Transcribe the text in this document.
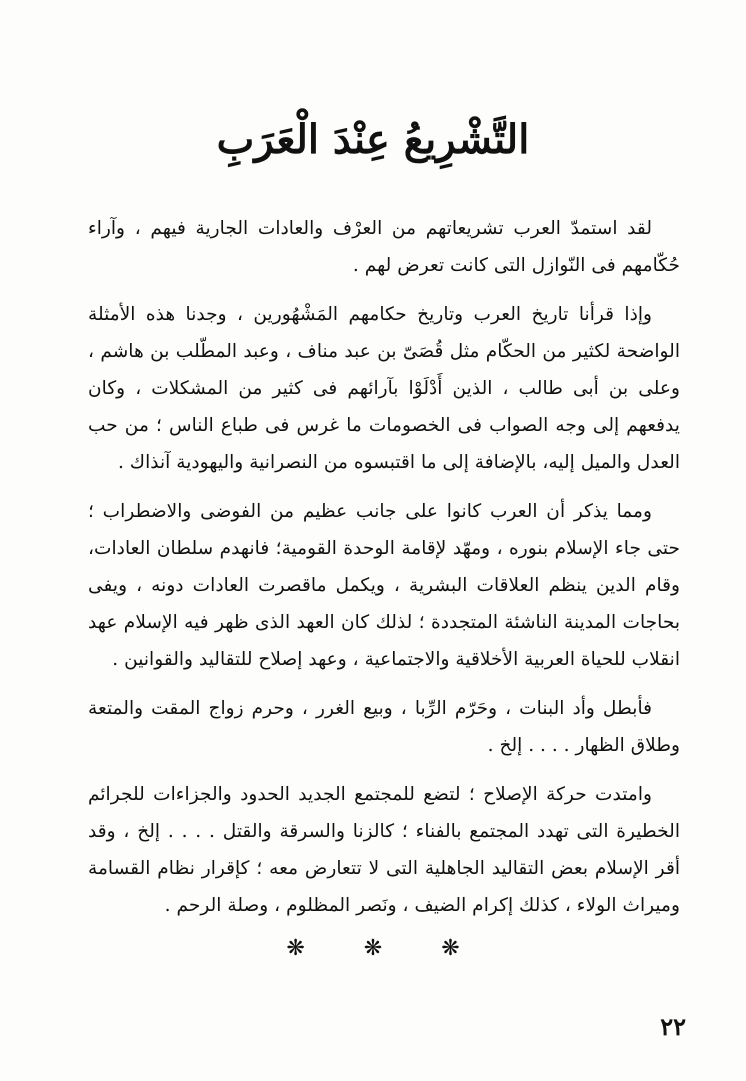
التَّشْرِيعُ عِنْدَ الْعَرَبِ

لقد استمدّ العرب تشريعاتهم من العرْف والعادات الجارية فيهم ، وآراء حُكّامهم فى النّوازل التى كانت تعرض لهم .

وإذا قرأنا تاريخ العرب وتاريخ حكامهم المَشْهُورين ، وجدنا هذه الأمثلة الواضحة لكثير من الحكّام مثل قُصَىّ بن عبد مناف ، وعبد المطّلب بن هاشم ، وعلى بن أبى طالب ، الذين أَدْلَوْا بآرائهم فى كثير من المشكلات ، وكان يدفعهم إلى وجه الصواب فى الخصومات ما غرس فى طباع الناس ؛ من حب العدل والميل إليه، بالإضافة إلى ما اقتبسوه من النصرانية واليهودية آنذاك .

ومما يذكر أن العرب كانوا على جانب عظيم من الفوضى والاضطراب ؛ حتى جاء الإسلام بنوره ، ومهّد لإقامة الوحدة القومية؛ فانهدم سلطان العادات، وقام الدين ينظم العلاقات البشرية ، ويكمل ماقصرت العادات دونه ، ويفى بحاجات المدينة الناشئة المتجددة ؛ لذلك كان العهد الذى ظهر فيه الإسلام عهد انقلاب للحياة العربية الأخلاقية والاجتماعية ، وعهد إصلاح للتقاليد والقوانين .

فأبطل وأد البنات ، وحَرّم الرِّبا ، وبيع الغرر ، وحرم زواج المقت والمتعة وطلاق الظهار . . . . إلخ .

وامتدت حركة الإصلاح ؛ لتضع للمجتمع الجديد الحدود والجزاءات للجرائم الخطيرة التى تهدد المجتمع بالفناء ؛ كالزنا والسرقة والقتل . . . . إلخ ، وقد أقر الإسلام بعض التقاليد الجاهلية التى لا تتعارض معه ؛ كإقرار نظام القسامة وميراث الولاء ، كذلك إكرام الضيف ، ونَصر المظلوم ، وصلة الرحم .

❋	❋	❋
٢٢
